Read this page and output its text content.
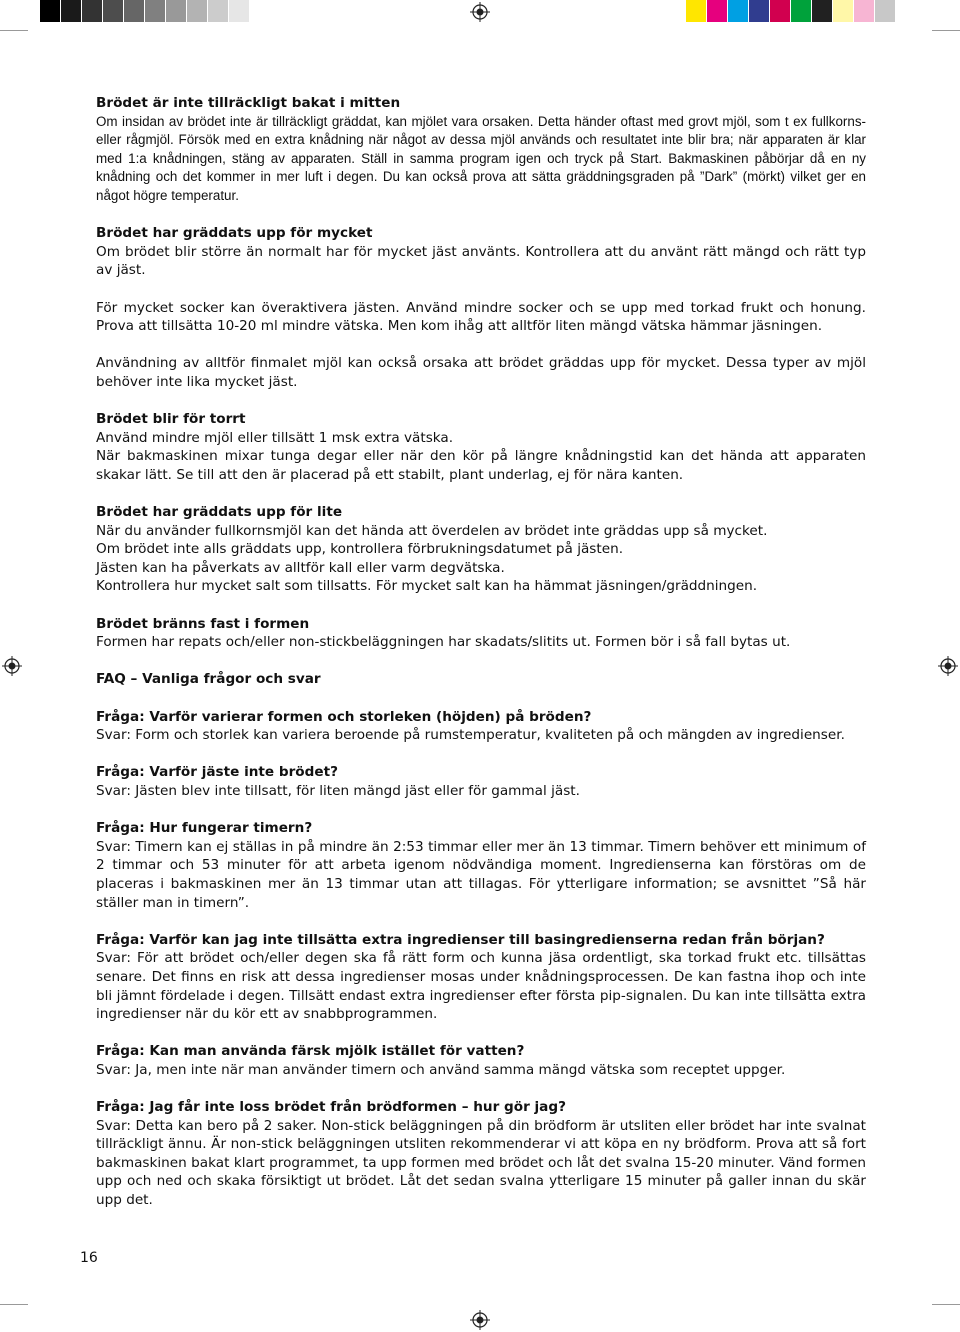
Brödet är inte tillräckligt bakat i mitten

Om insidan av brödet inte är tillräckligt gräddat, kan mjölet vara orsaken. Detta händer oftast med grovt mjöl, som t ex fullkorns- eller rågmjöl. Försök med en extra knådning när något av dessa mjöl används och resultatet inte blir bra; när apparaten är klar med 1:a knådningen, stäng av apparaten. Ställ in samma program igen och tryck på Start. Bakmaskinen påbörjar då en ny knådning och det kommer in mer luft i degen. Du kan också prova att sätta gräddningsgraden på ”Dark” (mörkt) vilket ger en något högre temperatur.

Brödet har gräddats upp för mycket

Om brödet blir större än normalt har för mycket jäst använts. Kontrollera att du använt rätt mängd och rätt typ av jäst.

För mycket socker kan överaktivera jästen. Använd mindre socker och se upp med torkad frukt och honung. Prova att tillsätta 10-20 ml mindre vätska. Men kom ihåg att alltför liten mängd vätska hämmar jäsningen.

Användning av alltför finmalet mjöl kan också orsaka att brödet gräddas upp för mycket. Dessa typer av mjöl behöver inte lika mycket jäst.

Brödet blir för torrt

Använd mindre mjöl eller tillsätt 1 msk extra vätska.

När bakmaskinen mixar tunga degar eller när den kör på längre knådningstid kan det hända att apparaten skakar lätt. Se till att den är placerad på ett stabilt, plant underlag, ej för nära kanten.

Brödet har gräddats upp för lite

När du använder fullkornsmjöl kan det hända att överdelen av brödet inte gräddas upp så mycket.

Om brödet inte alls gräddats upp, kontrollera förbrukningsdatumet på jästen.

Jästen kan ha påverkats av alltför kall eller varm degvätska.

Kontrollera hur mycket salt som tillsatts. För mycket salt kan ha hämmat jäsningen/gräddningen.

Brödet bränns fast i formen

Formen har repats och/eller non-stickbeläggningen har skadats/slitits ut. Formen bör i så fall bytas ut.

FAQ – Vanliga frågor och svar

Fråga: Varför varierar formen och storleken (höjden) på bröden?

Svar: Form och storlek kan variera beroende på rumstemperatur, kvaliteten på och mängden av ingredienser.

Fråga: Varför jäste inte brödet?

Svar: Jästen blev inte tillsatt, för liten mängd jäst eller för gammal jäst.

Fråga: Hur fungerar timern?

Svar: Timern kan ej ställas in på mindre än 2:53 timmar eller mer än 13 timmar. Timern behöver ett minimum of 2 timmar och 53 minuter för att arbeta igenom nödvändiga moment. Ingredienserna kan förstöras om de placeras i bakmaskinen mer än 13 timmar utan att tillagas. För ytterligare information; se avsnittet ”Så här ställer man in timern”.

Fråga: Varför kan jag inte tillsätta extra ingredienser till basingredienserna redan från början?

Svar: För att brödet och/eller degen ska få rätt form och kunna jäsa ordentligt, ska torkad frukt etc. tillsättas senare. Det finns en risk att dessa ingredienser mosas under knådningsprocessen. De kan fastna ihop och inte bli jämnt fördelade i degen. Tillsätt endast extra ingredienser efter första pip-signalen. Du kan inte tillsätta extra ingredienser när du kör ett av snabbprogrammen.

Fråga: Kan man använda färsk mjölk istället för vatten?

Svar: Ja, men inte när man använder timern och använd samma mängd vätska som receptet uppger.

Fråga: Jag får inte loss brödet från brödformen – hur gör jag?

Svar: Detta kan bero på 2 saker. Non-stick beläggningen på din brödform är utsliten eller brödet har inte svalnat tillräckligt ännu. Är non-stick beläggningen utsliten rekommenderar vi att köpa en ny brödform. Prova att så fort bakmaskinen bakat klart programmet, ta upp formen med brödet och låt det svalna 15-20 minuter. Vänd formen upp och ned och skaka försiktigt ut brödet. Låt det sedan svalna ytterligare 15 minuter på galler innan du skär upp det.

16
